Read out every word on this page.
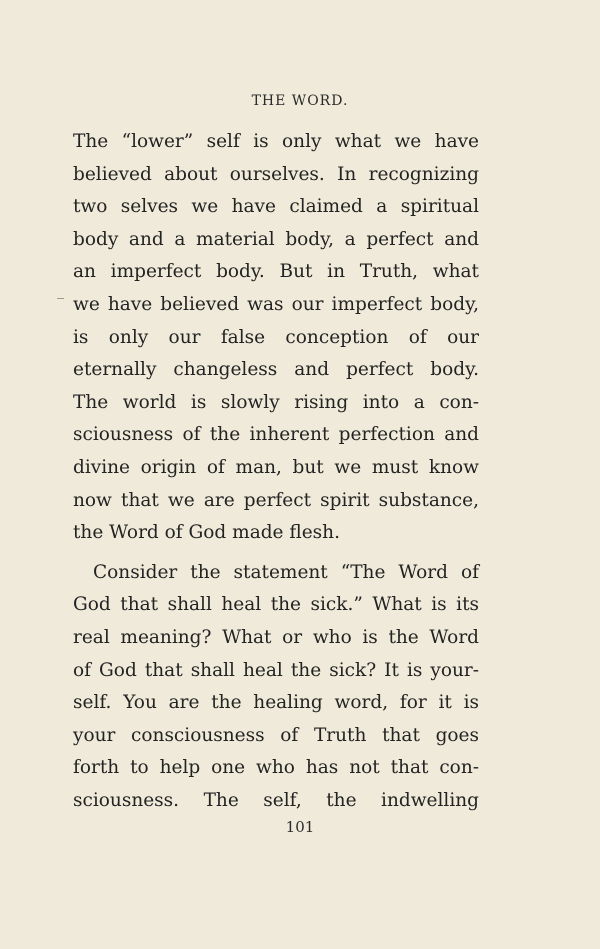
THE WORD.
The “lower” self is only what we have
believed about ourselves. In recognizing
two selves we have claimed a spiritual
body and a material body, a perfect and
an imperfect body. But in Truth, what
we have believed was our imperfect body,
is only our false conception of our
eternally changeless and perfect body.
The world is slowly rising into a con-
sciousness of the inherent perfection and
divine origin of man, but we must know
now that we are perfect spirit substance,
the Word of God made flesh.
Consider the statement “The Word of
God that shall heal the sick.” What is its
real meaning? What or who is the Word
of God that shall heal the sick? It is your-
self. You are the healing word, for it is
your consciousness of Truth that goes
forth to help one who has not that con-
sciousness. The self, the indwelling
101
